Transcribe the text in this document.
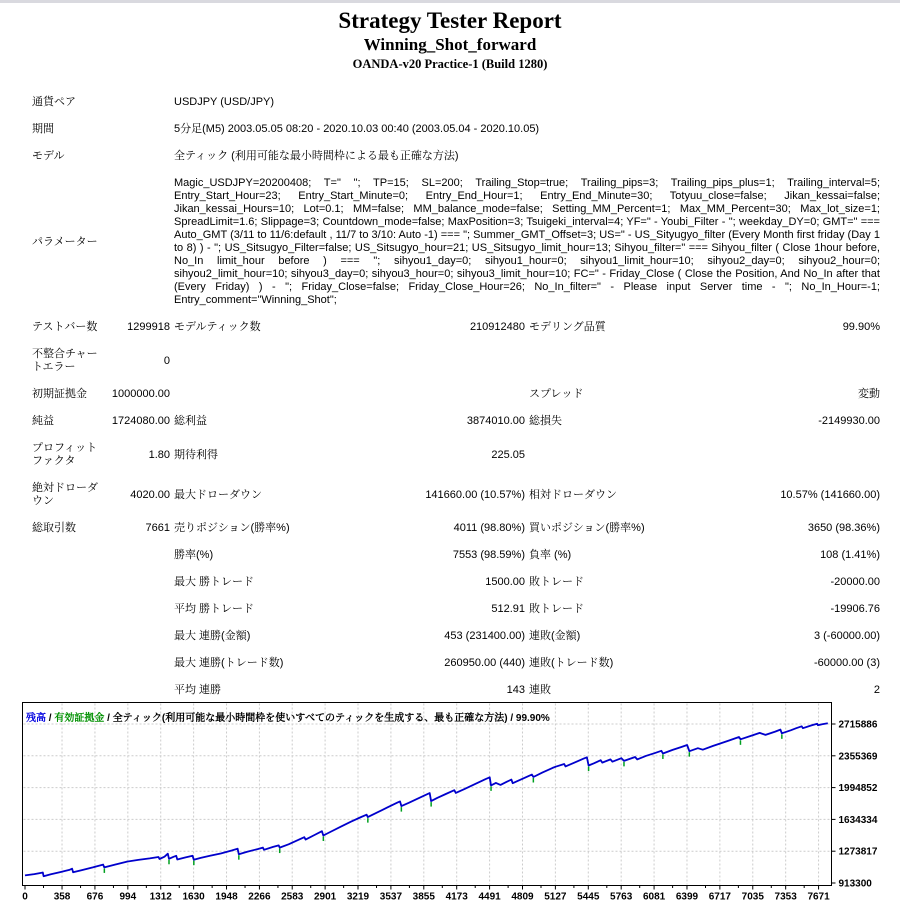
Strategy Tester Report
Winning_Shot_forward
OANDA-v20 Practice-1 (Build 1280)
通貨ペア		USDJPY (USD/JPY)			
期間		5分足(M5) 2003.05.05 08:20 - 2020.10.03 00:40 (2003.05.04 - 2020.10.05)			
モデル		全ティック (利用可能な最小時間枠による最も正確な方法)			
パラメーター		Magic_USDJPY=20200408; T=" "; TP=15; SL=200; Trailing_Stop=true; Trailing_pips=3; Trailing_pips_plus=1; Trailing_interval=5; Entry_Start_Hour=23; Entry_Start_Minute=0; Entry_End_Hour=1; Entry_End_Minute=30; Totyuu_close=false; Jikan_kessai=false; Jikan_kessai_Hours=10; Lot=0.1; MM=false; MM_balance_mode=false; Setting_MM_Percent=1; Max_MM_Percent=30; Max_lot_size=1; SpreadLimit=1.6; Slippage=3; Countdown_mode=false; MaxPosition=3; Tsuigeki_interval=4; YF=" - Youbi_Filter - "; weekday_DY=0; GMT=" === Auto_GMT (3/11 to 11/6:default , 11/7 to 3/10: Auto -1) === "; Summer_GMT_Offset=3; US=" - US_Sityugyo_filter (Every Month first friday (Day 1 to 8) ) - "; US_Sitsugyo_Filter=false; US_Sitsugyo_hour=21; US_Sitsugyo_limit_hour=13; Sihyou_filter=" === Sihyou_filter ( Close 1hour before, No_In limit_hour before ) === "; sihyou1_day=0; sihyou1_hour=0; sihyou1_limit_hour=10; sihyou2_day=0; sihyou2_hour=0; sihyou2_limit_hour=10; sihyou3_day=0; sihyou3_hour=0; sihyou3_limit_hour=10; FC=" - Friday_Close ( Close the Position, And No_In after that (Every Friday) ) - "; Friday_Close=false; Friday_Close_Hour=26; No_In_filter=" - Please input Server time - "; No_In_Hour=-1; Entry_comment="Winning_Shot";			
テストバー数	1299918	モデルティック数	210912480	モデリング品質	99.90%
不整合チャートエラー	0				
初期証拠金	1000000.00			スプレッド	変動
純益	1724080.00	総利益	3874010.00	総損失	-2149930.00
プロフィットファクタ	1.80	期待利得	225.05		
絶対ドローダウン	4020.00	最大ドローダウン	141660.00 (10.57%)	相対ドローダウン	10.57% (141660.00)
総取引数	7661	売りポジション(勝率%)	4011 (98.80%)	買いポジション(勝率%)	3650 (98.36%)
		勝率(%)	7553 (98.59%)	負率 (%)	108 (1.41%)
		最大 勝トレード	1500.00	敗トレード	-20000.00
		平均 勝トレード	512.91	敗トレード	-19906.76
		最大 連勝(金額)	453 (231400.00)	連敗(金額)	3 (-60000.00)
		最大 連勝(トレード数)	260950.00 (440)	連敗(トレード数)	-60000.00 (3)
		平均 連勝	143	連敗	2
0	358 676 994 1312 1630 1948 2266 2583 2901 3219 3537 3855 4173 4491 4809 5127 5445 5763 6081 6399 6717 7035 7353 7671
913300
1273817
1634334
1994852
2355369
2715886
残高 / 有効証拠金 / 全ティック(利用可能な最小時間枠を使いすべてのティックを生成する、最も正確な方法) / 99.90%
